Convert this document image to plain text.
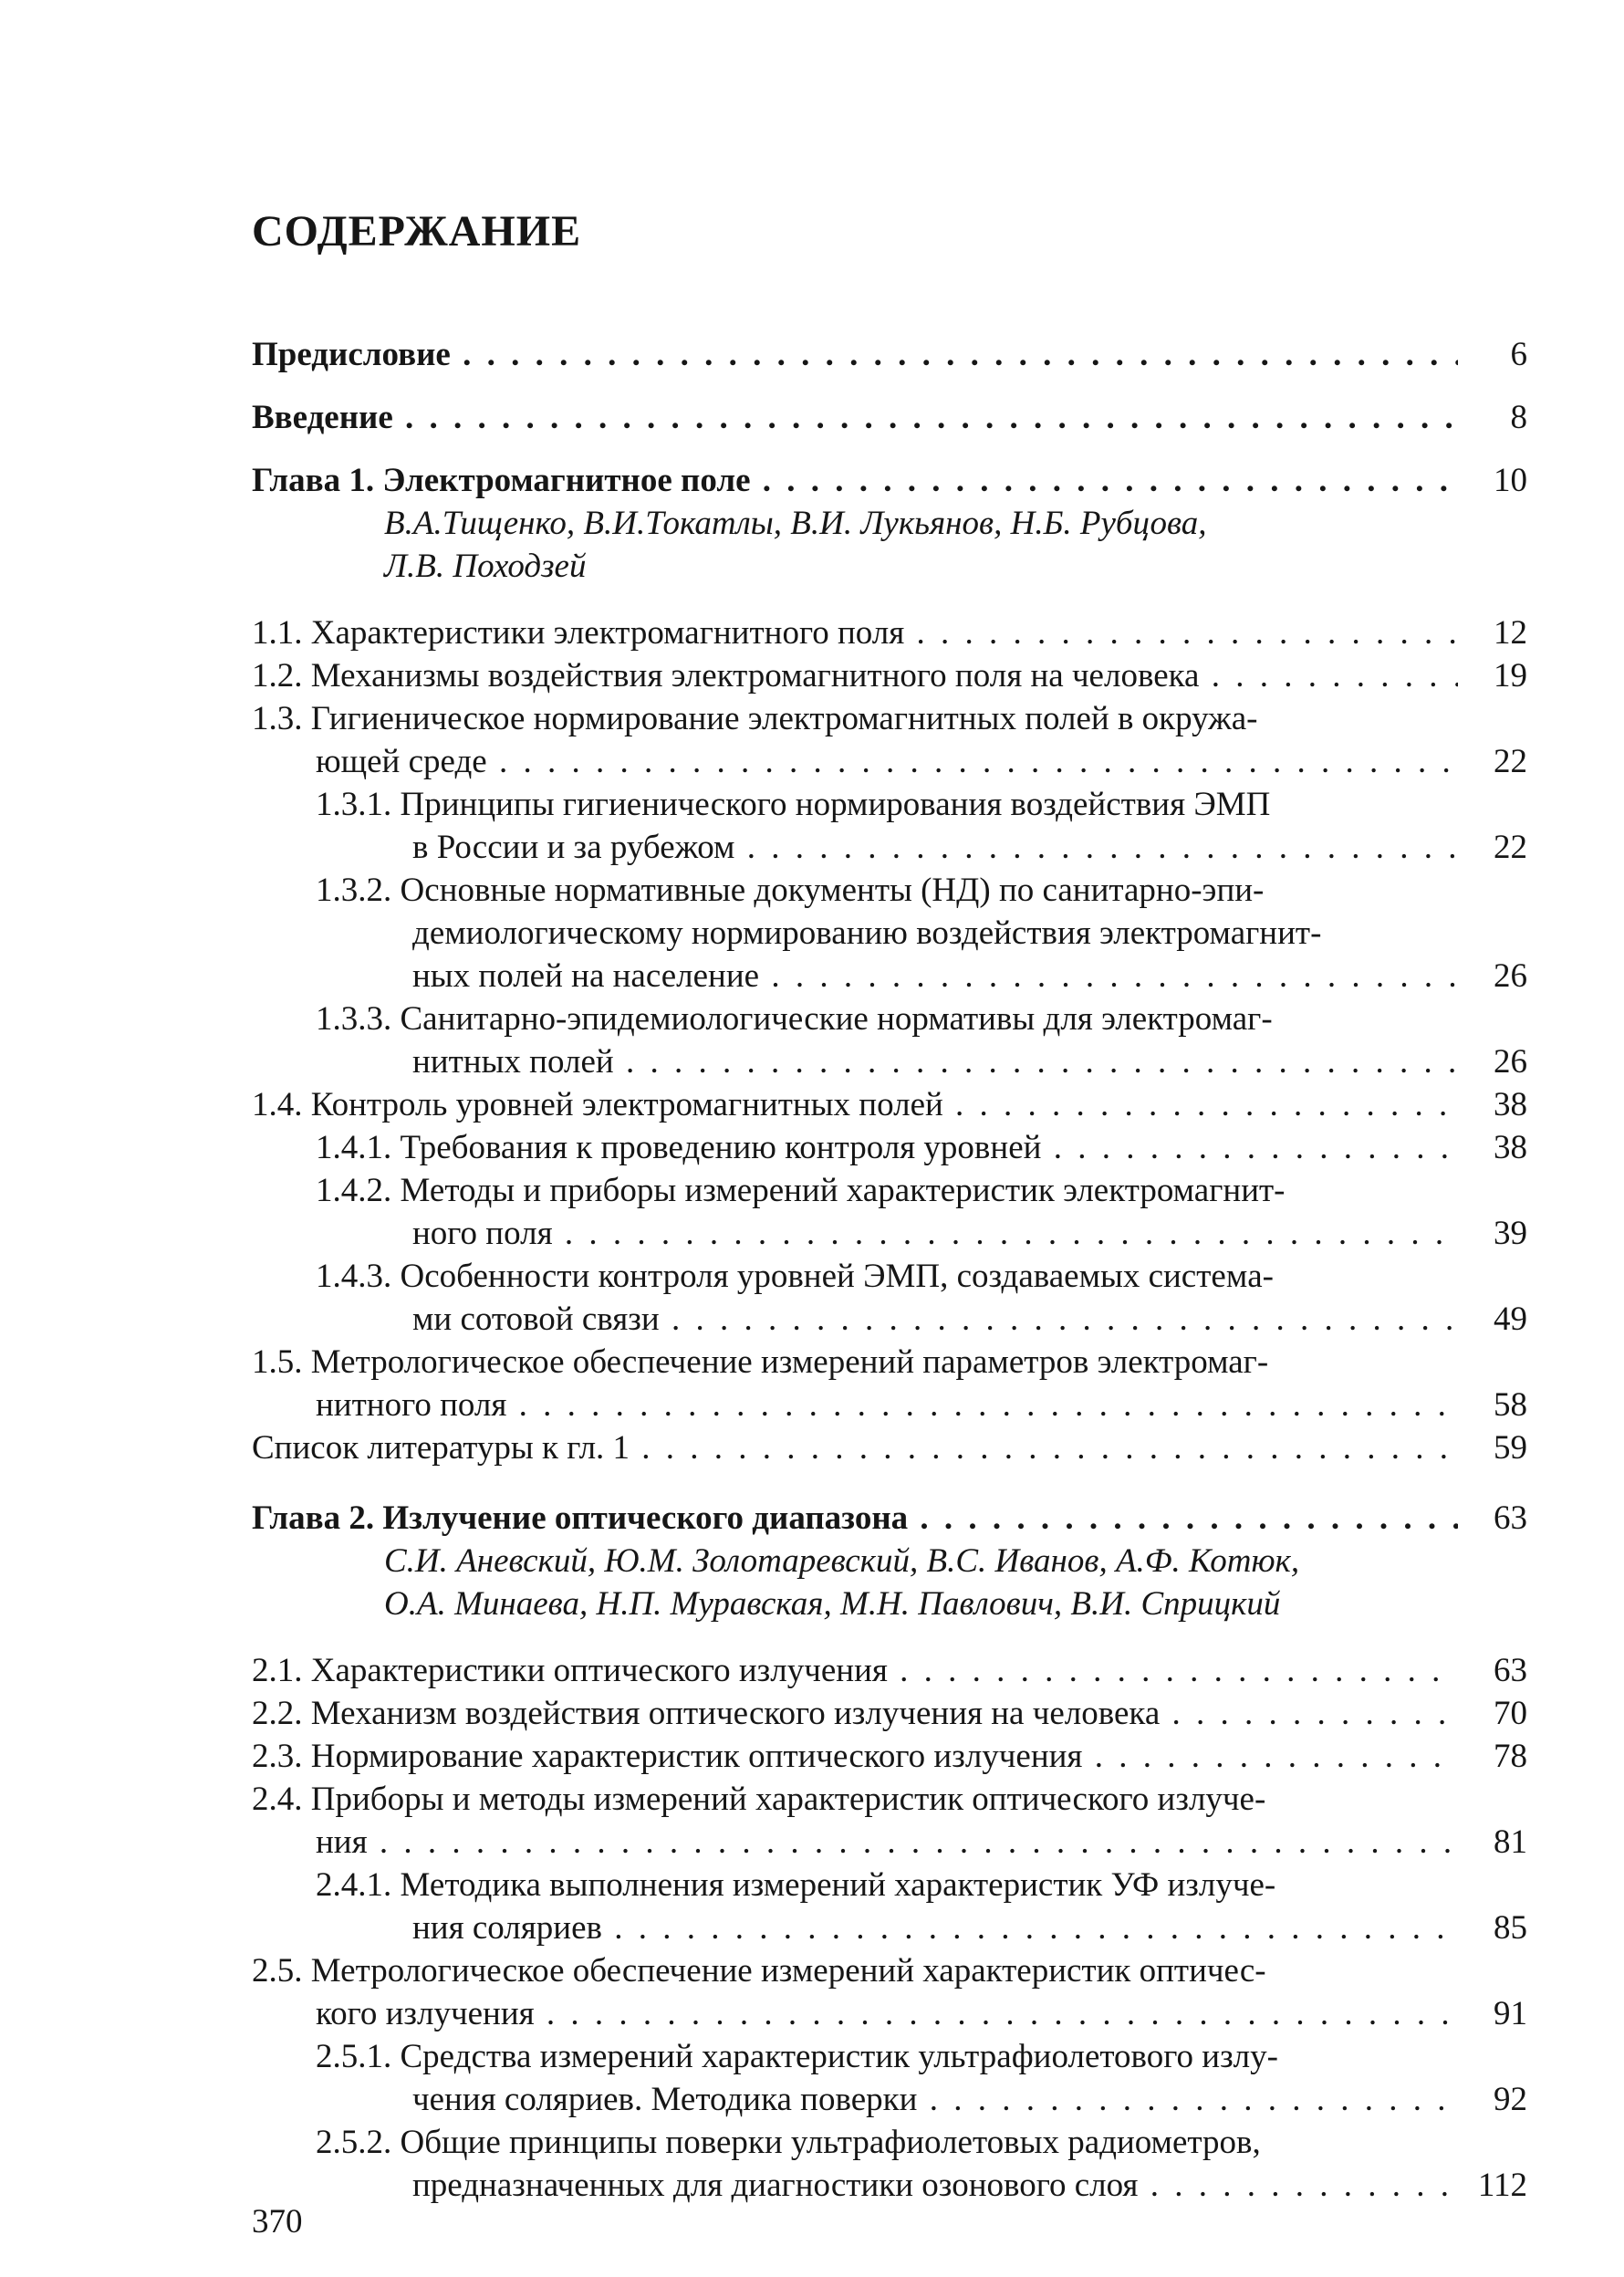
СОДЕРЖАНИЕ
Предисловие . . .	6
Введение . . .	8
Глава 1. Электромагнитное поле . . .	10
В.А.Тищенко, В.И.Токатлы, В.И. Лукьянов, Н.Б. Рубцова,
Л.В. Походзей
1.1. Характеристики электромагнитного поля . . .	12
1.2. Механизмы воздействия электромагнитного поля на человека . . .	19
1.3. Гигиеническое нормирование электромагнитных полей в окружа-
ющей среде . . .	22
1.3.1. Принципы гигиенического нормирования воздействия ЭМП
в России и за рубежом . . .	22
1.3.2. Основные нормативные документы (НД) по санитарно-эпи-
демиологическому нормированию воздействия электромагнит-
ных полей на население . . .	26
1.3.3. Санитарно-эпидемиологические нормативы для электромаг-
нитных полей . . .	26
1.4. Контроль уровней электромагнитных полей . . .	38
1.4.1. Требования к проведению контроля уровней . . .	38
1.4.2. Методы и приборы измерений характеристик электромагнит-
ного поля . . .	39
1.4.3. Особенности контроля уровней ЭМП, создаваемых системa-
ми сотовой связи . . .	49
1.5. Метрологическое обеспечение измерений параметров электромаг-
нитного поля . . .	58
Список литературы к гл. 1 . . .	59
Глава 2. Излучение оптического диапазона . . .	63
С.И. Аневский, Ю.М. Золотаревский, В.С. Иванов, А.Ф. Котюк,
О.А. Минаева, Н.П. Муравская, М.Н. Павлович, В.И. Сприцкий
2.1. Характеристики оптического излучения . . .	63
2.2. Механизм воздействия оптического излучения на человека . . .	70
2.3. Нормирование характеристик оптического излучения . . .	78
2.4. Приборы и методы измерений характеристик оптического излуче-
ния . . .	81
2.4.1. Методика выполнения измерений характеристик УФ излуче-
ния соляриев . . .	85
2.5. Метрологическое обеспечение измерений характеристик оптичес-
кого излучения . . .	91
2.5.1. Средства измерений характеристик ультрафиолетового излу-
чения соляриев. Методика поверки . . .	92
2.5.2. Общие принципы поверки ультрафиолетовых радиометров,
предназначенных для диагностики озонового слоя . . .	112
370
